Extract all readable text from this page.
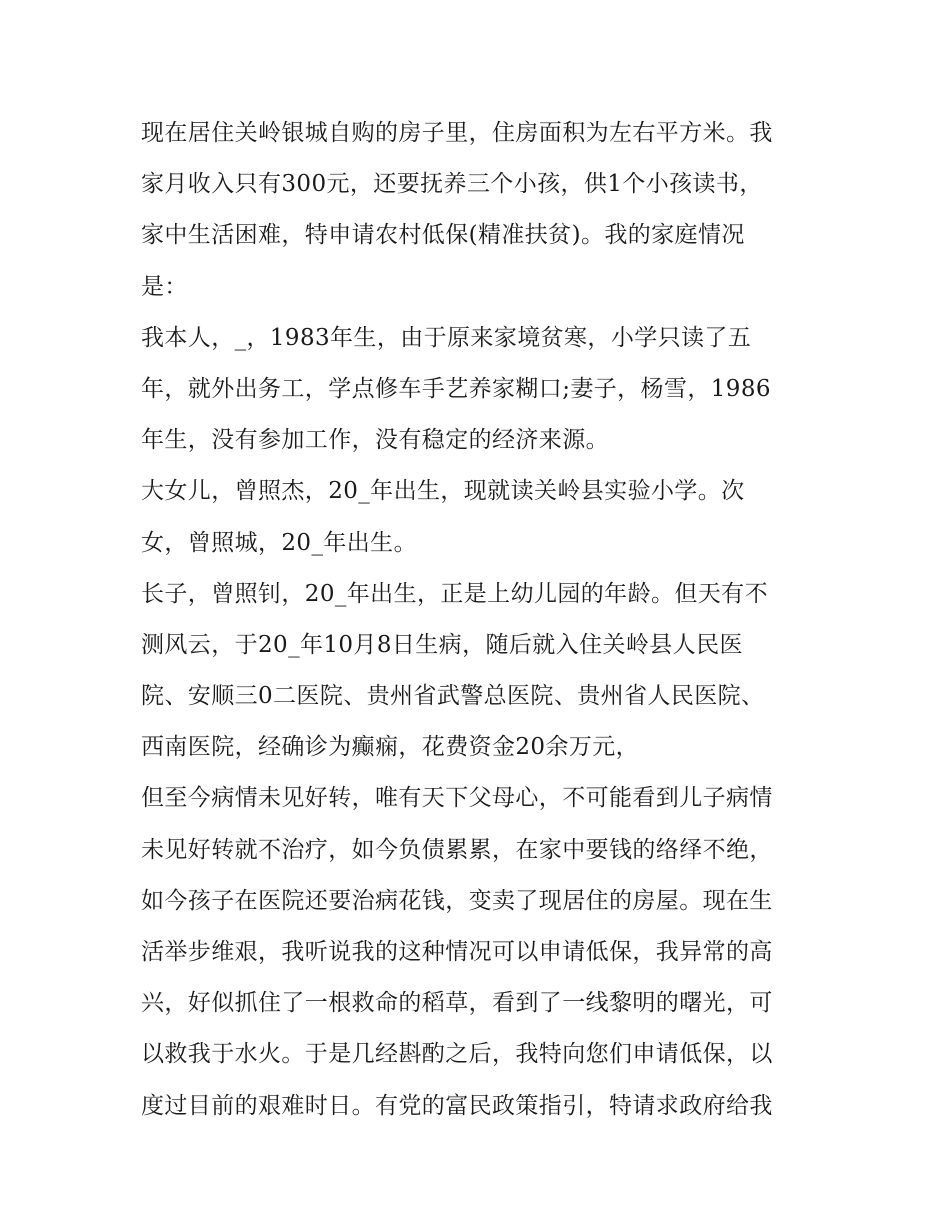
现在居住关岭银城自购的房子里，住房面积为左右平方米。我
家月收入只有300元，还要抚养三个小孩，供1个小孩读书，
家中生活困难，特申请农村低保(精准扶贫)。我的家庭情况
是：
我本人，_，1983年生，由于原来家境贫寒，小学只读了五
年，就外出务工，学点修车手艺养家糊口;妻子，杨雪，1986
年生，没有参加工作，没有稳定的经济来源。
大女儿，曾照杰，20_年出生，现就读关岭县实验小学。次
女，曾照城，20_年出生。
长子，曾照钊，20_年出生，正是上幼儿园的年龄。但天有不
测风云，于20_年10月8日生病，随后就入住关岭县人民医
院、安顺三0二医院、贵州省武警总医院、贵州省人民医院、
西南医院，经确诊为癫痫，花费资金20余万元，
但至今病情未见好转，唯有天下父母心，不可能看到儿子病情
未见好转就不治疗，如今负债累累，在家中要钱的络绎不绝，
如今孩子在医院还要治病花钱，变卖了现居住的房屋。现在生
活举步维艰，我听说我的这种情况可以申请低保，我异常的高
兴，好似抓住了一根救命的稻草，看到了一线黎明的曙光，可
以救我于水火。于是几经斟酌之后，我特向您们申请低保，以
度过目前的艰难时日。有党的富民政策指引，特请求政府给我
